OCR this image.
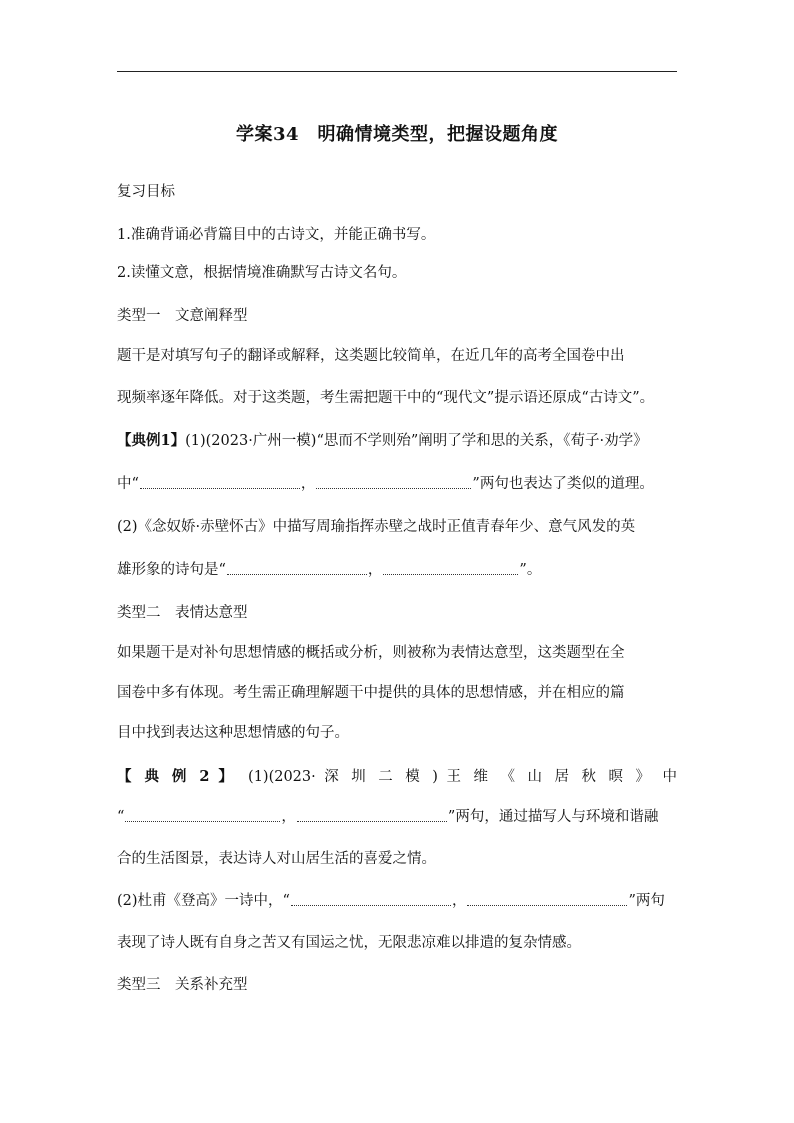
学案34　明确情境类型，把握设题角度
复习目标
1.准确背诵必背篇目中的古诗文，并能正确书写。
2.读懂文意，根据情境准确默写古诗文名句。
类型一　文意阐释型
题干是对填写句子的翻译或解释，这类题比较简单，在近几年的高考全国卷中出
现频率逐年降低。对于这类题，考生需把题干中的“现代文”提示语还原成“古诗文”。
【典例1】(1)(2023·广州一模)“思而不学则殆”阐明了学和思的关系，《荀子·劝学》
中“	，	”两句也表达了类似的道理。
(2)《念奴娇·赤壁怀古》中描写周瑜指挥赤壁之战时正值青春年少、意气风发的英
雄形象的诗句是“	，	”。
类型二　表情达意型
如果题干是对补句思想情感的概括或分析，则被称为表情达意型，这类题型在全
国卷中多有体现。考生需正确理解题干中提供的具体的思想情感，并在相应的篇
目中找到表达这种思想情感的句子。
【 典 例 2 】　(1)(2023· 深 圳 二 模 ) 王 维 《 山 居 秋 暝 》 中
“	，	”两句，通过描写人与环境和谐融
合的生活图景，表达诗人对山居生活的喜爱之情。
(2)杜甫《登高》一诗中，“	，	”两句
表现了诗人既有自身之苦又有国运之忧，无限悲凉难以排遣的复杂情感。
类型三　关系补充型
